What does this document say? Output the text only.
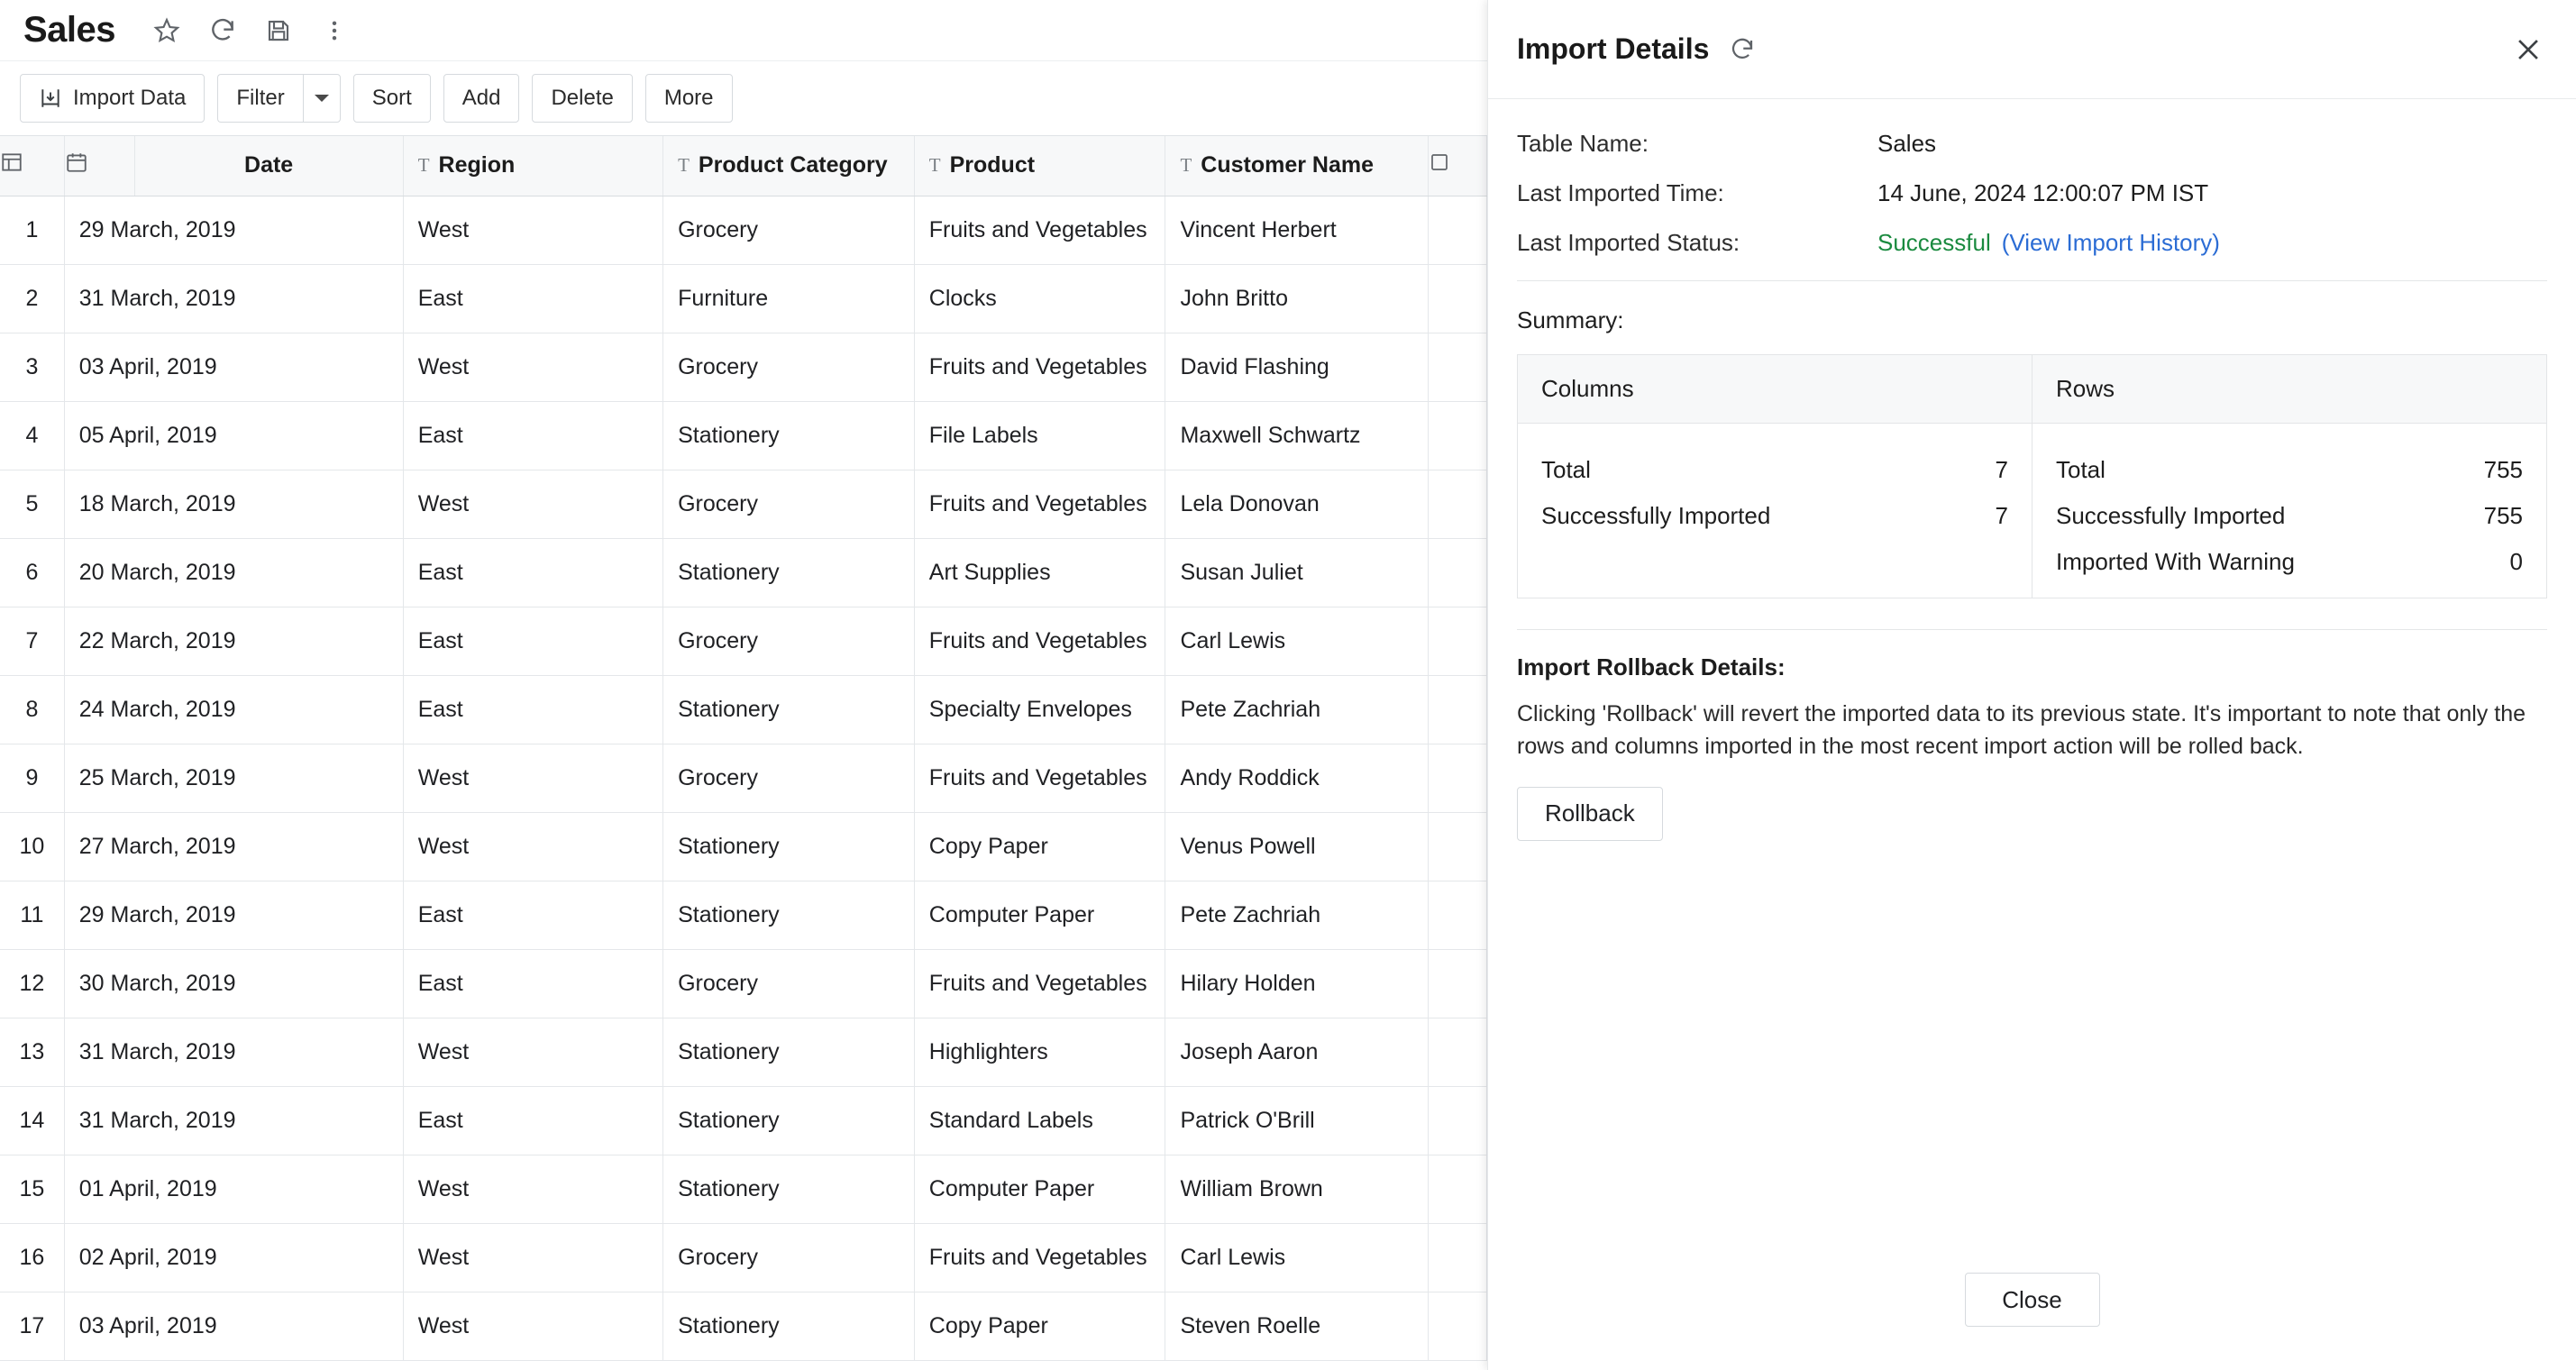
Sales
Import Data Filter	Sort Add Delete More

Date	T Region	T Product Category	T Product	T Customer Name

1	29 March, 2019		West	Grocery	Fruits and Vegetables	Vincent Herbert	
2	31 March, 2019		East	Furniture	Clocks	John Britto	
3	03 April, 2019		West	Grocery	Fruits and Vegetables	David Flashing	
4	05 April, 2019		East	Stationery	File Labels	Maxwell Schwartz	
5	18 March, 2019		West	Grocery	Fruits and Vegetables	Lela Donovan	
6	20 March, 2019		East	Stationery	Art Supplies	Susan Juliet	
7	22 March, 2019		East	Grocery	Fruits and Vegetables	Carl Lewis	
8	24 March, 2019		East	Stationery	Specialty Envelopes	Pete Zachriah	
9	25 March, 2019		West	Grocery	Fruits and Vegetables	Andy Roddick	
10	27 March, 2019		West	Stationery	Copy Paper	Venus Powell	
11	29 March, 2019		East	Stationery	Computer Paper	Pete Zachriah	
12	30 March, 2019		East	Grocery	Fruits and Vegetables	Hilary Holden	
13	31 March, 2019		West	Stationery	Highlighters	Joseph Aaron	
14	31 March, 2019		East	Stationery	Standard Labels	Patrick O'Brill	
15	01 April, 2019		West	Stationery	Computer Paper	William Brown	
16	02 April, 2019		West	Grocery	Fruits and Vegetables	Carl Lewis	
17	03 April, 2019		West	Stationery	Copy Paper	Steven Roelle	
Import Details
Table Name:	Sales
Last Imported Time:	14 June, 2024 12:00:07 PM IST
Last Imported Status:	Successful (View Import History)
Summary:
Columns	Rows

Total	7
Successfully Imported	7

Total	755
Successfully Imported	755
Imported With Warning	0
Import Rollback Details:
Clicking 'Rollback' will revert the imported data to its previous state. It's important to note that only the rows and columns imported in the most recent import action will be rolled back.
Rollback
Close
